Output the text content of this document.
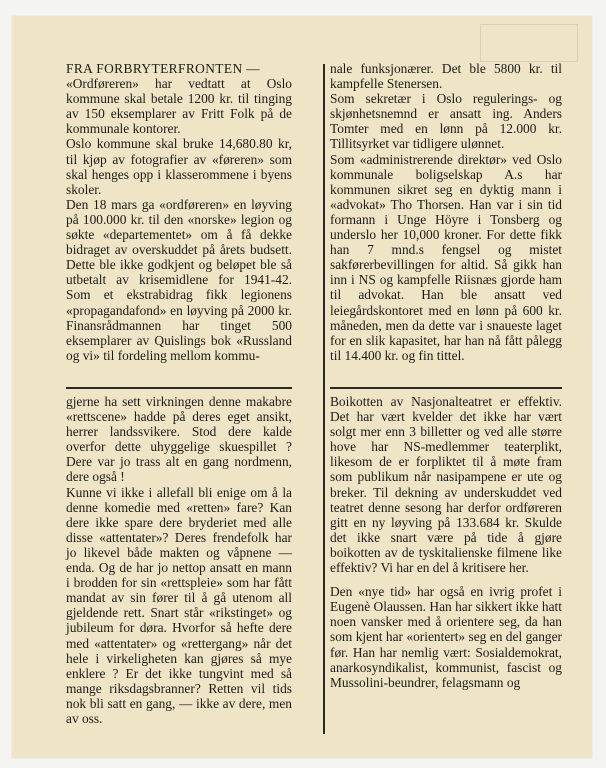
FRA FORBRYTERFRONTEN —

«Ordføreren» har vedtatt at Oslo kommune skal betale 1200 kr. til tinging av 150 eksemplarer av Fritt Folk på de kommunale kontorer.

Oslo kommune skal bruke 14,680.80 kr, til kjøp av fotografier av «føreren» som skal henges opp i klasserommene i byens skoler.

Den 18 mars ga «ordføreren» en løyving på 100.000 kr. til den «norske» legion og søkte «departementet» om å få dekke bidraget av overskuddet på årets budsett. Dette ble ikke godkjent og beløpet ble så utbetalt av krisemidlene for 1941-42. Som et ekstrabidrag fikk legionens «propagandafond» en løyving på 2000 kr. Finansrådmannen har tinget 500 eksemplarer av Quislings bok «Russland og vi» til fordeling mellom kommu-

nale funksjonærer. Det ble 5800 kr. til kampfelle Stenersen.

Som sekretær i Oslo regulerings- og skjønhetsnemnd er ansatt ing. Anders Tomter med en lønn på 12.000 kr. Tillitsyrket var tidligere ulønnet.

Som «administrerende direktør» ved Oslo kommunale boligselskap A.s har kommunen sikret seg en dyktig mann i «advokat» Tho Thorsen. Han var i sin tid formann i Unge Höyre i Tonsberg og underslo her 10,000 kroner. For dette fikk han 7 mnd.s fengsel og mistet sakførerbevillingen for altid. Så gikk han inn i NS og kampfelle Riisnæs gjorde ham til advokat. Han ble ansatt ved leiegårdskontoret med en lønn på 600 kr. måneden, men da dette var i snaueste laget for en slik kapasitet, har han nå fått pålegg til 14.400 kr. og fin tittel.

gjerne ha sett virkningen denne makabre «rettscene» hadde på deres eget ansikt, herrer landssvikere. Stod dere kalde overfor dette uhyggelige skuespillet ? Dere var jo trass alt en gang nordmenn, dere også !

Kunne vi ikke i allefall bli enige om å la denne komedie med «retten» fare? Kan dere ikke spare dere bryderiet med alle disse «attentater»? Deres frendefolk har jo likevel både makten og våpnene — enda. Og de har jo nettop ansatt en mann i brodden for sin «rettspleie» som har fått mandat av sin fører til å gå utenom all gjeldende rett. Snart står «rikstinget» og jubileum for døra. Hvorfor så hefte dere med «attentater» og «rettergang» når det hele i virkeligheten kan gjøres så mye enklere ? Er det ikke tungvint med så mange riksdagsbranner? Retten vil tids nok bli satt en gang, — ikke av dere, men av oss.

Boikotten av Nasjonalteatret er effektiv. Det har vært kvelder det ikke har vært solgt mer enn 3 billetter og ved alle større hove har NS-medlemmer teaterplikt, likesom de er forpliktet til å møte fram som publikum når nasipampene er ute og breker. Til dekning av underskuddet ved teatret denne sesong har derfor ordføreren gitt en ny løyving på 133.684 kr. Skulde det ikke snart være på tide å gjøre boikotten av de tyskitalienske filmene like effektiv? Vi har en del å kritisere her.

Den «nye tid» har også en ivrig profet i Eugenè Olaussen. Han har sikkert ikke hatt noen vansker med å orientere seg, da han som kjent har «orientert» seg en del ganger før. Han har nemlig vært: Sosialdemokrat, anarkosyndikalist, kommunist, fascist og Mussolini-beundrer, felagsmann og
